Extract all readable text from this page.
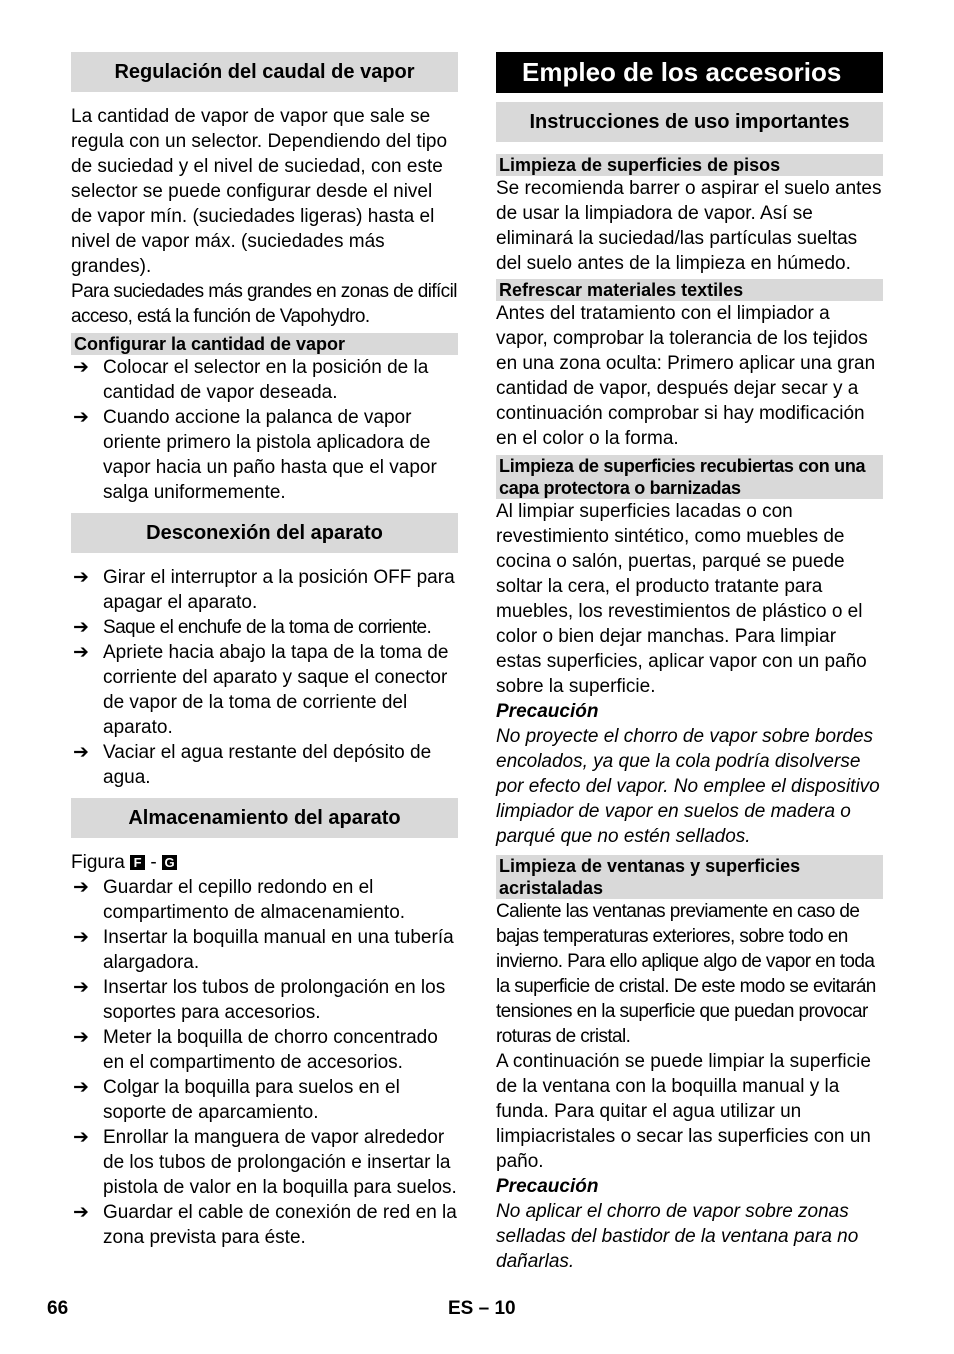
Regulación del caudal de vapor

La cantidad de vapor de vapor que sale se regula con un selector. Dependiendo del tipo de suciedad y el nivel de suciedad, con este selector se puede configurar desde el nivel de vapor mín. (suciedades ligeras) hasta el nivel de vapor máx. (suciedades más grandes).

Para suciedades más grandes en zonas de difícil acceso, está la función de Vapohydro.

Configurar la cantidad de vapor
➔ Colocar el selector en la posición de la cantidad de vapor deseada.
➔ Cuando accione la palanca de vapor oriente primero la pistola aplicadora de vapor hacia un paño hasta que el vapor salga uniformemente.
Desconexión del aparato
➔ Girar el interruptor a la posición OFF para apagar el aparato.
➔ Saque el enchufe de la toma de corriente.
➔ Apriete hacia abajo la tapa de la toma de corriente del aparato y saque el conector de vapor de la toma de corriente del aparato.
➔ Vaciar el agua restante del depósito de agua.
Almacenamiento del aparato

Figura F - G

➔ Guardar el cepillo redondo en el compartimento de almacenamiento.
➔ Insertar la boquilla manual en una tubería alargadora.
➔ Insertar los tubos de prolongación en los soportes para accesorios.
➔ Meter la boquilla de chorro concentrado en el compartimento de accesorios.
➔ Colgar la boquilla para suelos en el soporte de aparcamiento.
➔ Enrollar la manguera de vapor alrededor de los tubos de prolongación e insertar la pistola de valor en la boquilla para suelos.
➔ Guardar el cable de conexión de red en la zona prevista para éste.
Empleo de los accesorios
Instrucciones de uso importantes
Limpieza de superficies de pisos

Se recomienda barrer o aspirar el suelo antes de usar la limpiadora de vapor. Así se eliminará la suciedad/las partículas sueltas del suelo antes de la limpieza en húmedo.

Refrescar materiales textiles

Antes del tratamiento con el limpiador a vapor, comprobar la tolerancia de los tejidos en una zona oculta: Primero aplicar una gran cantidad de vapor, después dejar secar y a continuación comprobar si hay modificación en el color o la forma.

Limpieza de superficies recubiertas con una capa protectora o barnizadas

Al limpiar superficies lacadas o con revestimiento sintético, como muebles de cocina o salón, puertas, parqué se puede soltar la cera, el producto tratante para muebles, los revestimientos de plástico o el color o bien dejar manchas. Para limpiar estas superficies, aplicar vapor con un paño sobre la superficie.

Precaución

No proyecte el chorro de vapor sobre bordes encolados, ya que la cola podría disolverse por efecto del vapor. No emplee el dispositivo limpiador de vapor en suelos de madera o parqué que no estén sellados.

Limpieza de ventanas y superficies acristaladas

Caliente las ventanas previamente en caso de bajas temperaturas exteriores, sobre todo en invierno. Para ello aplique algo de vapor en toda la superficie de cristal. De este modo se evitarán tensiones en la superficie que puedan provocar roturas de cristal.

A continuación se puede limpiar la superficie de la ventana con la boquilla manual y la funda. Para quitar el agua utilizar un limpiacristales o secar las superficies con un paño.

Precaución

No aplicar el chorro de vapor sobre zonas selladas del bastidor de la ventana para no dañarlas.

66	ES – 10
